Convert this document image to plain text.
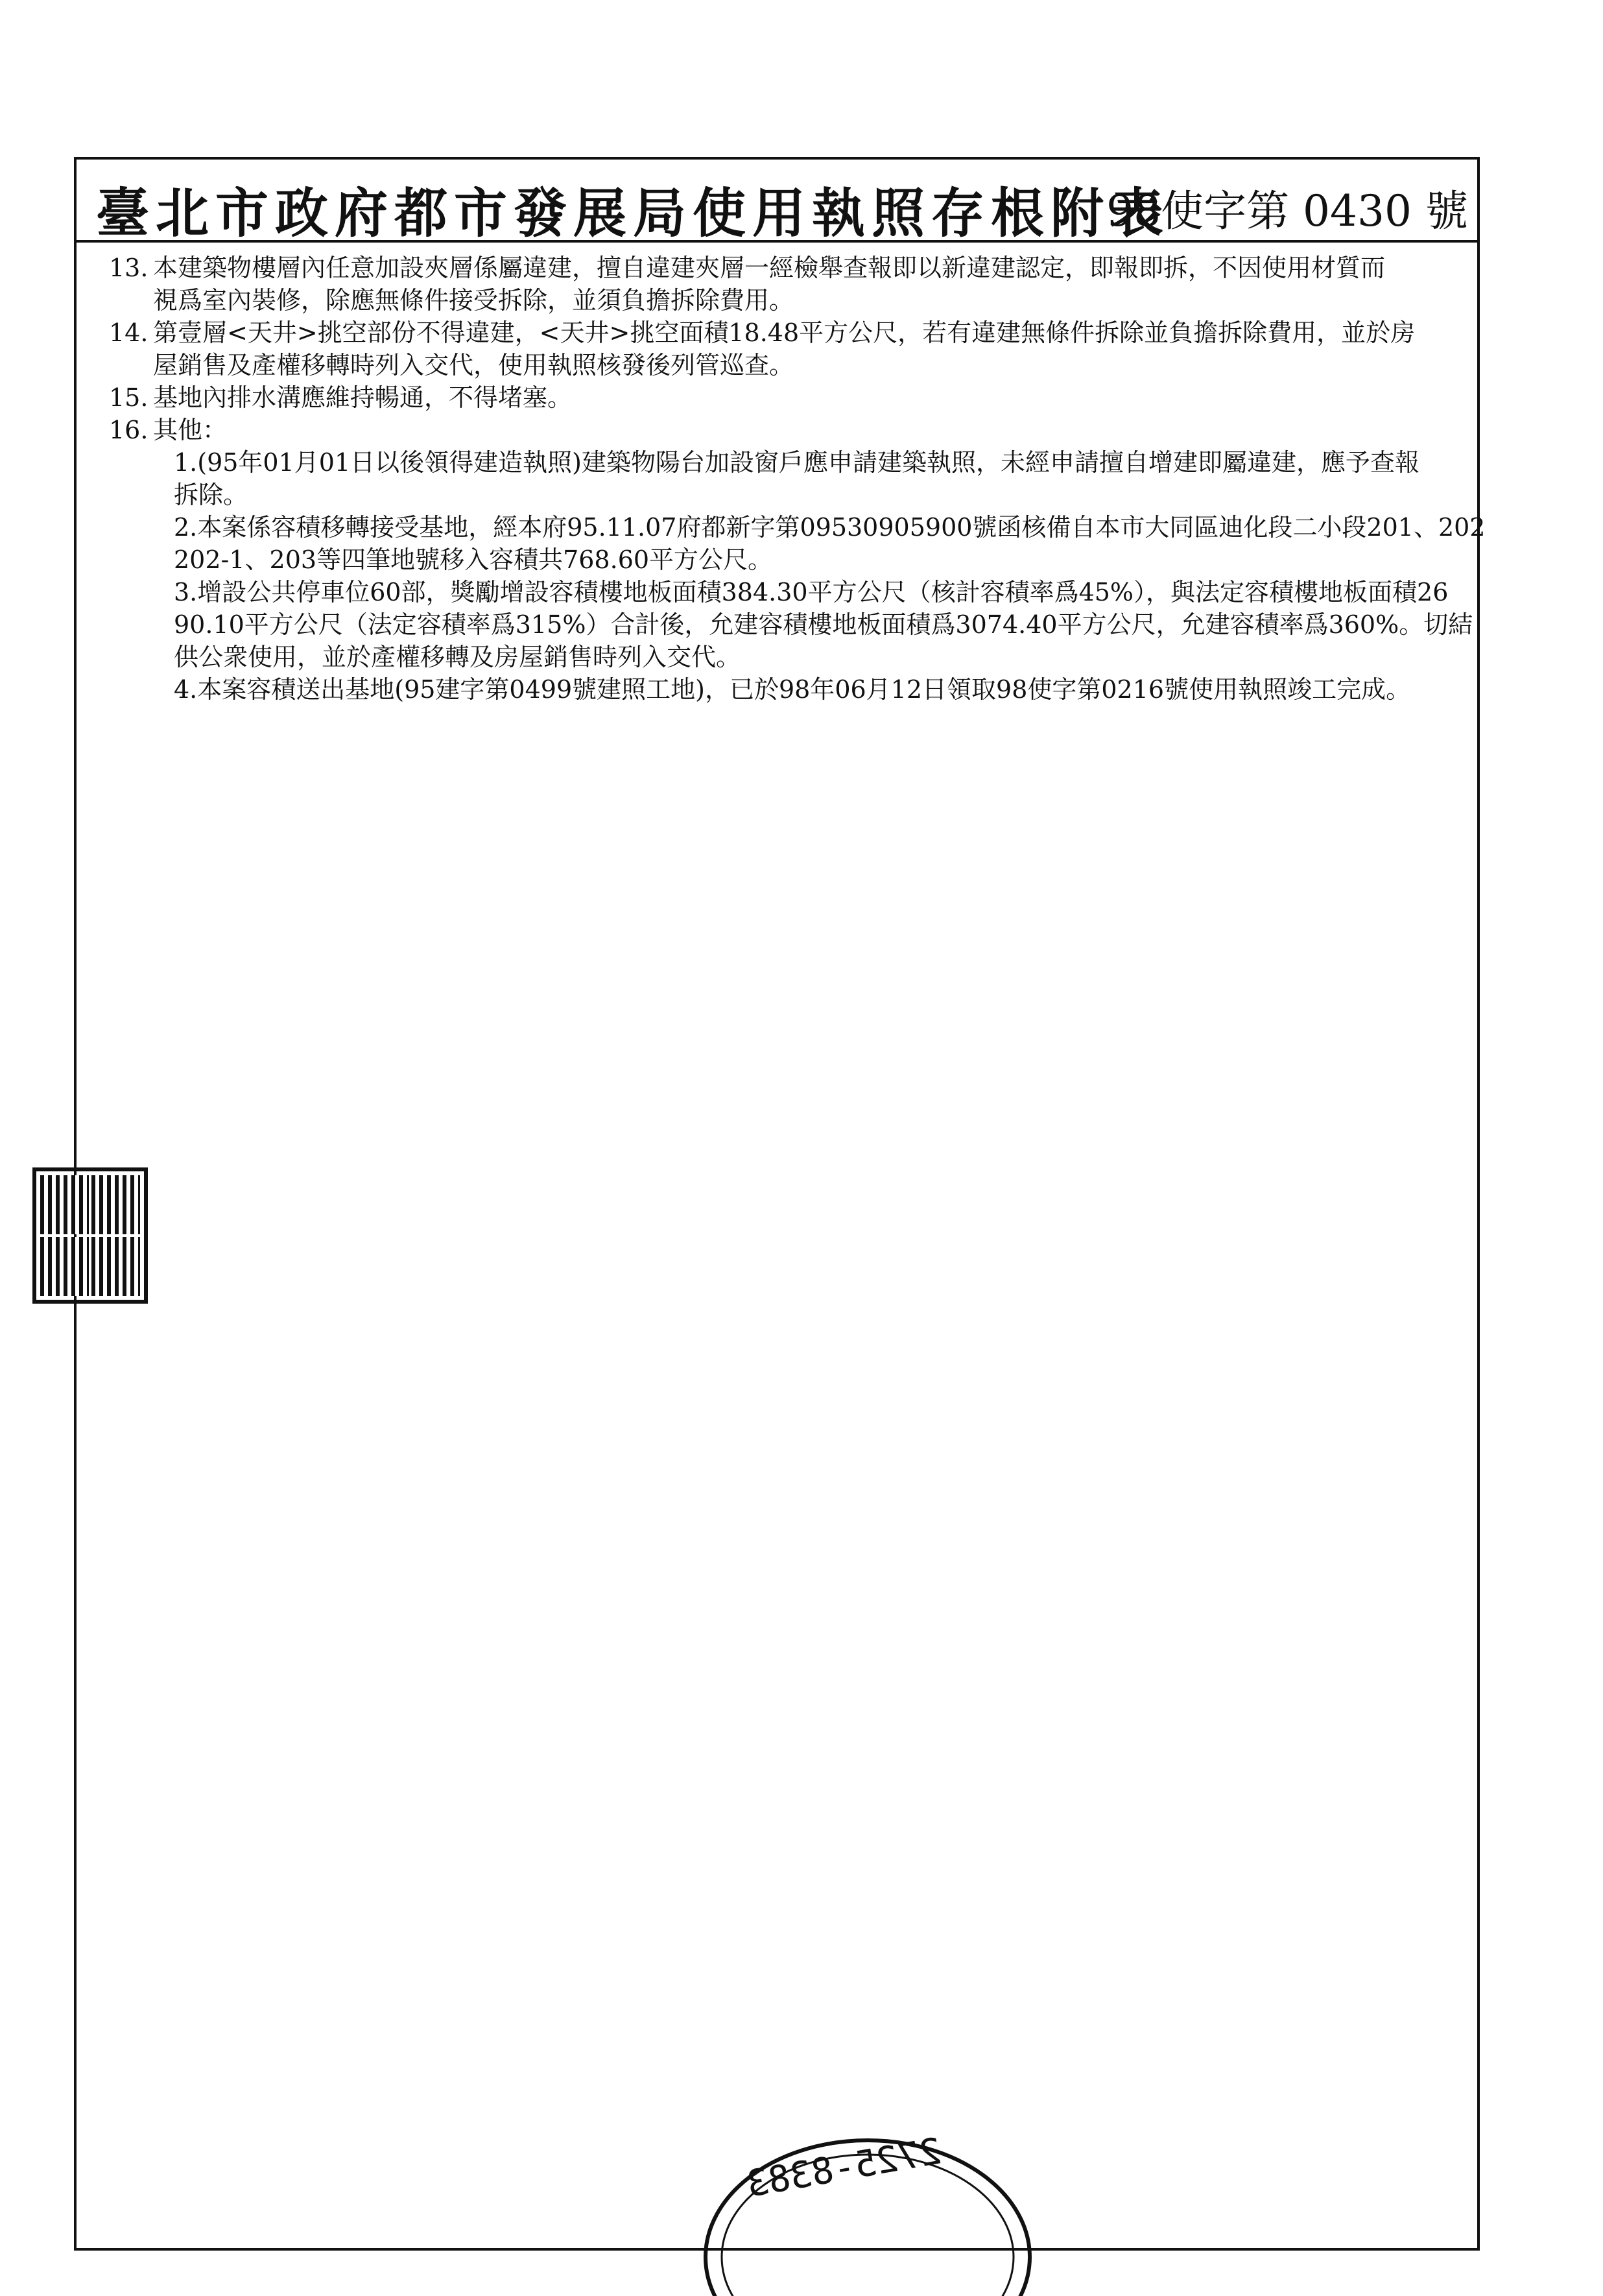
臺北市政府都市發展局使用執照存根附表
98使字第 0430 號
13. 本建築物樓層內任意加設夾層係屬違建，擅自違建夾層一經檢舉查報即以新違建認定，即報即拆，不因使用材質而
視爲室內裝修，除應無條件接受拆除，並須負擔拆除費用。
14. 第壹層<天井>挑空部份不得違建，<天井>挑空面積18.48平方公尺，若有違建無條件拆除並負擔拆除費用，並於房
屋銷售及產權移轉時列入交代，使用執照核發後列管巡查。
15. 基地內排水溝應維持暢通，不得堵塞。
16. 其他：
1.(95年01月01日以後領得建造執照)建築物陽台加設窗戶應申請建築執照，未經申請擅自增建即屬違建，應予查報
拆除。
2.本案係容積移轉接受基地，經本府95.11.07府都新字第09530905900號函核備自本市大同區迪化段二小段201、202
202-1、203等四筆地號移入容積共768.60平方公尺。
3.增設公共停車位60部，獎勵增設容積樓地板面積384.30平方公尺（核計容積率爲45%），與法定容積樓地板面積26
90.10平方公尺（法定容積率爲315%）合計後，允建容積樓地板面積爲3074.40平方公尺，允建容積率爲360%。切結
供公衆使用，並於產權移轉及房屋銷售時列入交代。
4.本案容積送出基地(95建字第0499號建照工地)，已於98年06月12日領取98使字第0216號使用執照竣工完成。
2725-8383
